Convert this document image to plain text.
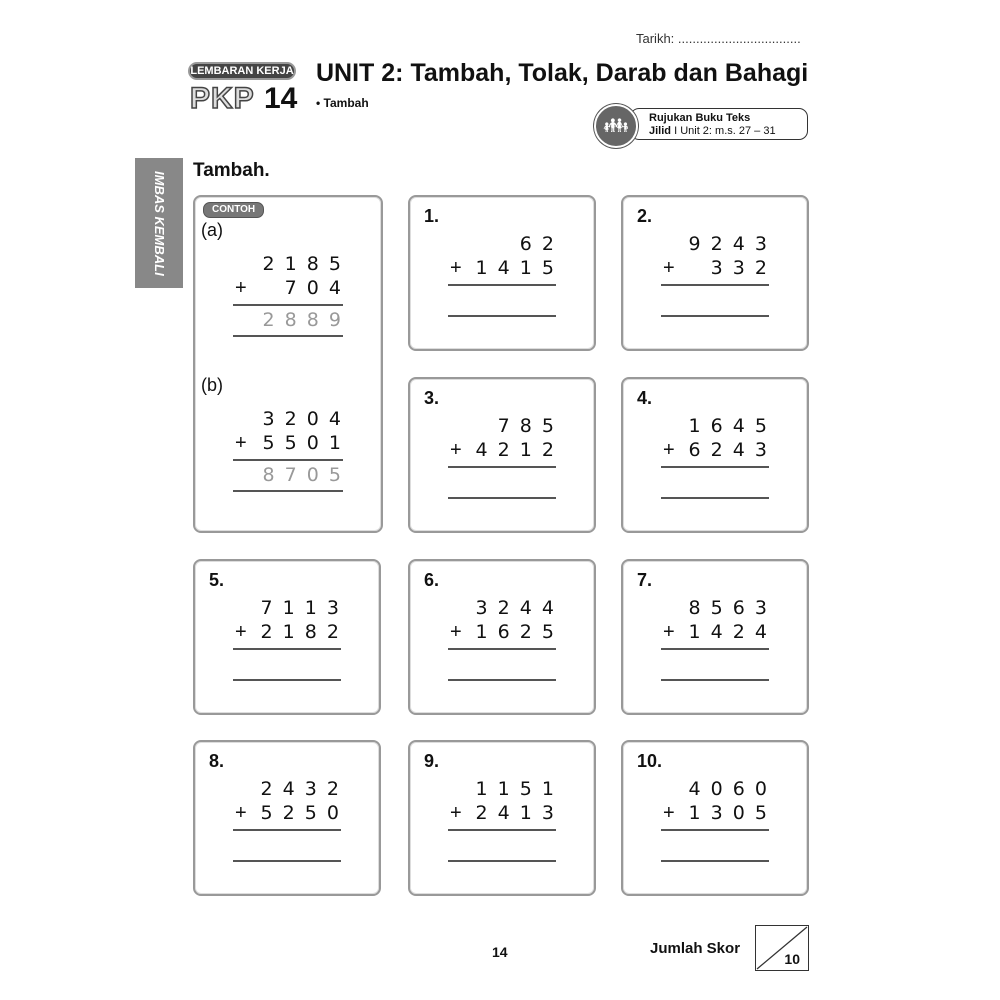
Tarikh: ..................................
LEMBARAN KERJA
PKP 14
UNIT 2: Tambah, Tolak, Darab dan Bahagi
• Tambah
Rujukan Buku Teks
Jilid I Unit 2: m.s. 27 – 31
👪︎
IMBAS KEMBALI
Tambah.
CONTOH
(a)
2 1 8 5
+ 7 0 4
2 8 8 9
(b)
3 2 0 4
+ 5 5 0 1
8 7 0 5
1.
6 2
+ 1 4 1 5
2.
9 2 4 3
+ 3 3 2
3.
7 8 5
+ 4 2 1 2
4.
1 6 4 5
+ 6 2 4 3
5.
7 1 1 3
+ 2 1 8 2
6.
3 2 4 4
+ 1 6 2 5
7.
8 5 6 3
+ 1 4 2 4
8.
2 4 3 2
+ 5 2 5 0
9.
1 1 5 1
+ 2 4 1 3
10.
4 0 6 0
+ 1 3 0 5
14	Jumlah Skor
10
